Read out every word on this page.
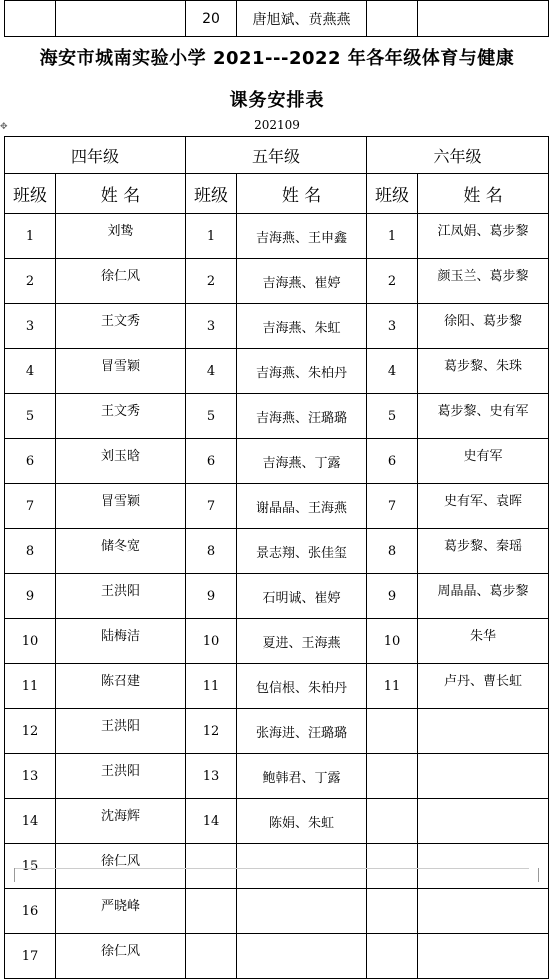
		20	唐旭斌、贲燕燕		
海安市城南实验小学 2021---2022 年各年级体育与健康
课务安排表
✥	202109
四年级		五年级		六年级	
班级	姓 名	班级	姓 名	班级	姓 名
1	刘鸷	1	吉海燕、王申鑫	1	江凤娟、葛步黎
2	徐仁风	2	吉海燕、崔婷	2	颜玉兰、葛步黎
3	王文秀	3	吉海燕、朱虹	3	徐阳、葛步黎
4	冒雪颖	4	吉海燕、朱柏丹	4	葛步黎、朱珠
5	王文秀	5	吉海燕、汪璐璐	5	葛步黎、史有军
6	刘玉晗	6	吉海燕、丁露	6	史有军
7	冒雪颖	7	谢晶晶、王海燕	7	史有军、袁晖
8	储冬宽	8	景志翔、张佳玺	8	葛步黎、秦瑶
9	王洪阳	9	石明诚、崔婷	9	周晶晶、葛步黎
10	陆梅洁	10	夏进、王海燕	10	朱华
11	陈召建	11	包信根、朱柏丹	11	卢丹、曹长虹
12	王洪阳	12	张海进、汪璐璐		
13	王洪阳	13	鲍韩君、丁露		
14	沈海辉	14	陈娟、朱虹		
15	徐仁风				
16	严晓峰				
17	徐仁风				
